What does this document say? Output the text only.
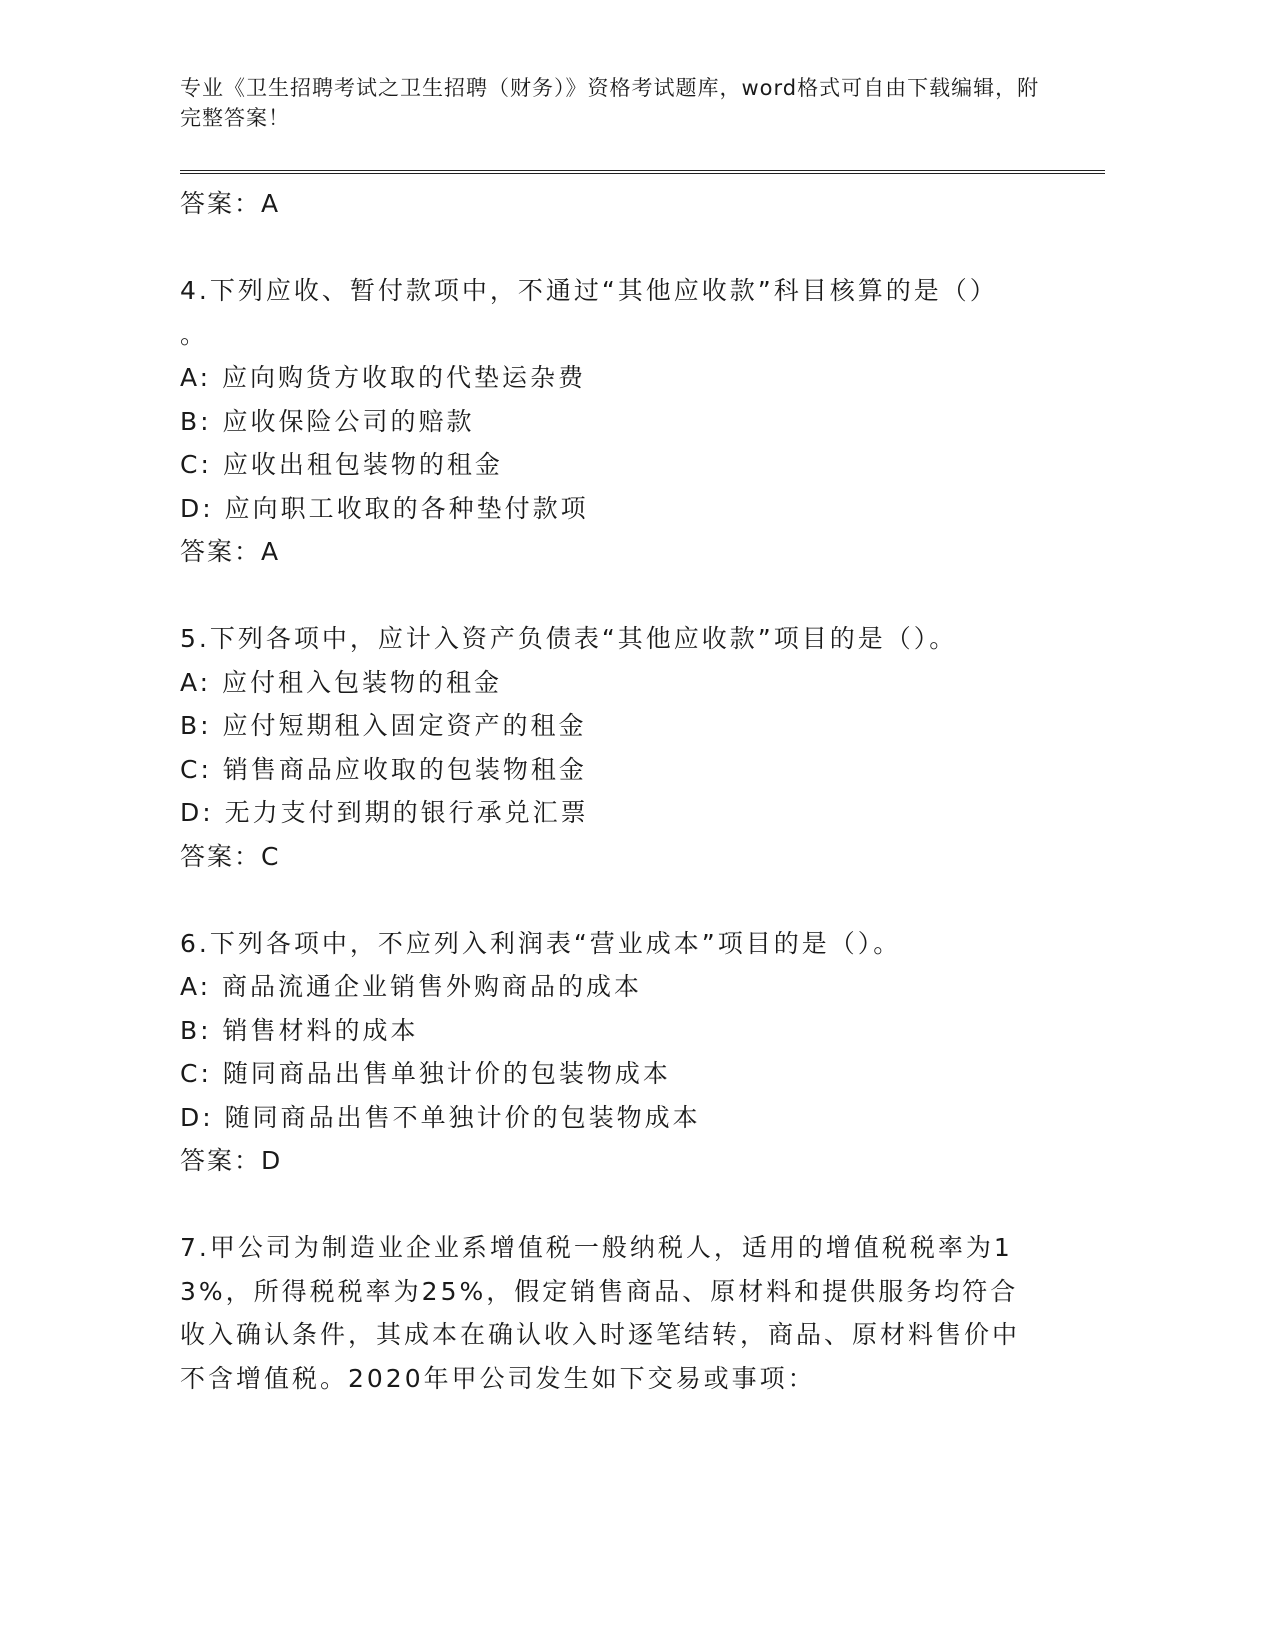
专业《卫生招聘考试之卫生招聘（财务）》资格考试题库，word格式可自由下载编辑，附完整答案！
答案：A
4.下列应收、暂付款项中，不通过“其他应收款”科目核算的是（）
。
A: 应向购货方收取的代垫运杂费
B: 应收保险公司的赔款
C: 应收出租包装物的租金
D: 应向职工收取的各种垫付款项
答案：A
5.下列各项中，应计入资产负债表“其他应收款”项目的是（）。
A: 应付租入包装物的租金
B: 应付短期租入固定资产的租金
C: 销售商品应收取的包装物租金
D: 无力支付到期的银行承兑汇票
答案：C
6.下列各项中，不应列入利润表“营业成本”项目的是（）。
A: 商品流通企业销售外购商品的成本
B: 销售材料的成本
C: 随同商品出售单独计价的包装物成本
D: 随同商品出售不单独计价的包装物成本
答案：D
7.甲公司为制造业企业系增值税一般纳税人，适用的增值税税率为13%，所得税税率为25%，假定销售商品、原材料和提供服务均符合收入确认条件，其成本在确认收入时逐笔结转，商品、原材料售价中不含增值税。2020年甲公司发生如下交易或事项：
